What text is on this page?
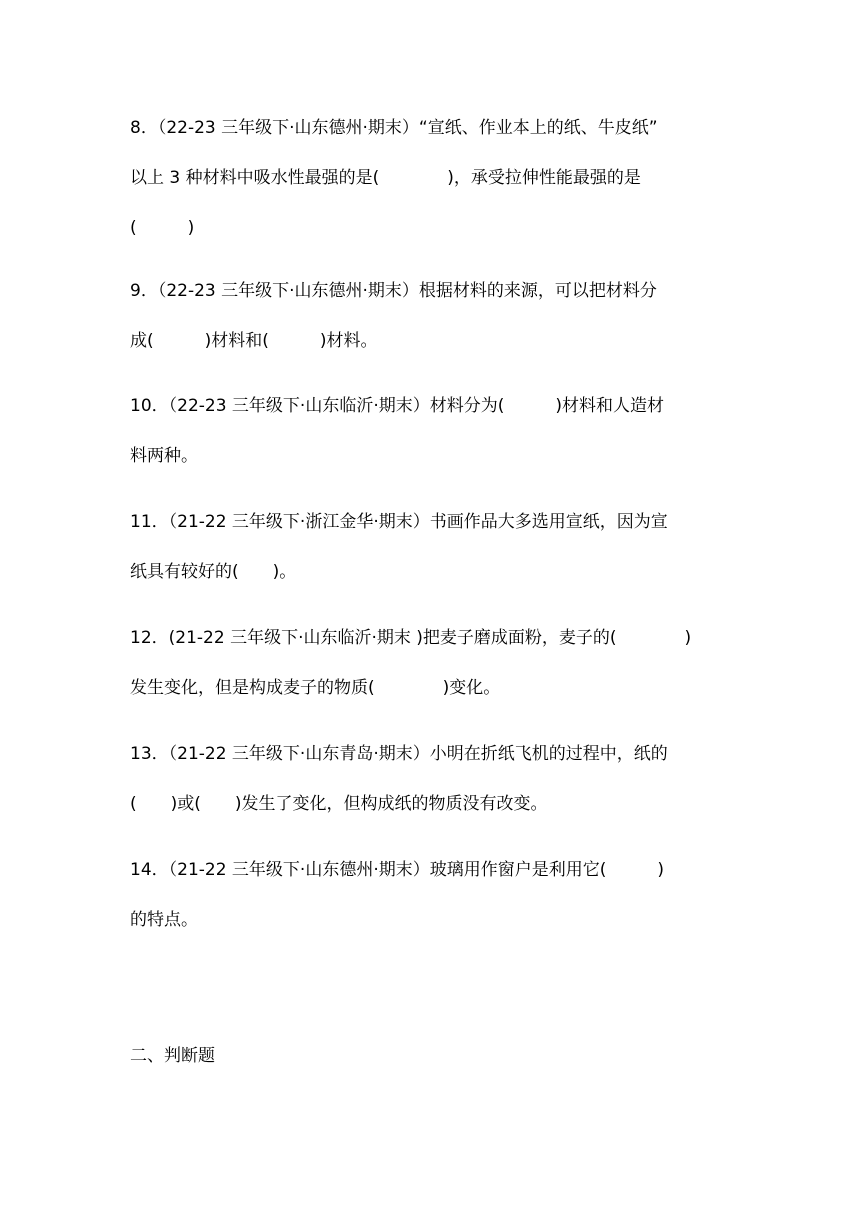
8．（22-23 三年级下·山东德州·期末）“宣纸、作业本上的纸、牛皮纸”
以上 3 种材料中吸水性最强的是(　　　　)，承受拉伸性能最强的是
(　　　)
9．（22-23 三年级下·山东德州·期末）根据材料的来源，可以把材料分
成(　　　)材料和(　　　)材料。
10．（22-23 三年级下·山东临沂·期末）材料分为(　　　)材料和人造材
料两种。
11．（21-22 三年级下·浙江金华·期末）书画作品大多选用宣纸，因为宣
纸具有较好的(　　)。
12．(21-22 三年级下·山东临沂·期末 )把麦子磨成面粉，麦子的(　　　　)
发生变化，但是构成麦子的物质(　　　　)变化。
13．（21-22 三年级下·山东青岛·期末）小明在折纸飞机的过程中，纸的
(　　)或(　　)发生了变化，但构成纸的物质没有改变。
14．（21-22 三年级下·山东德州·期末）玻璃用作窗户是利用它(　　　)
的特点。
二、判断题
